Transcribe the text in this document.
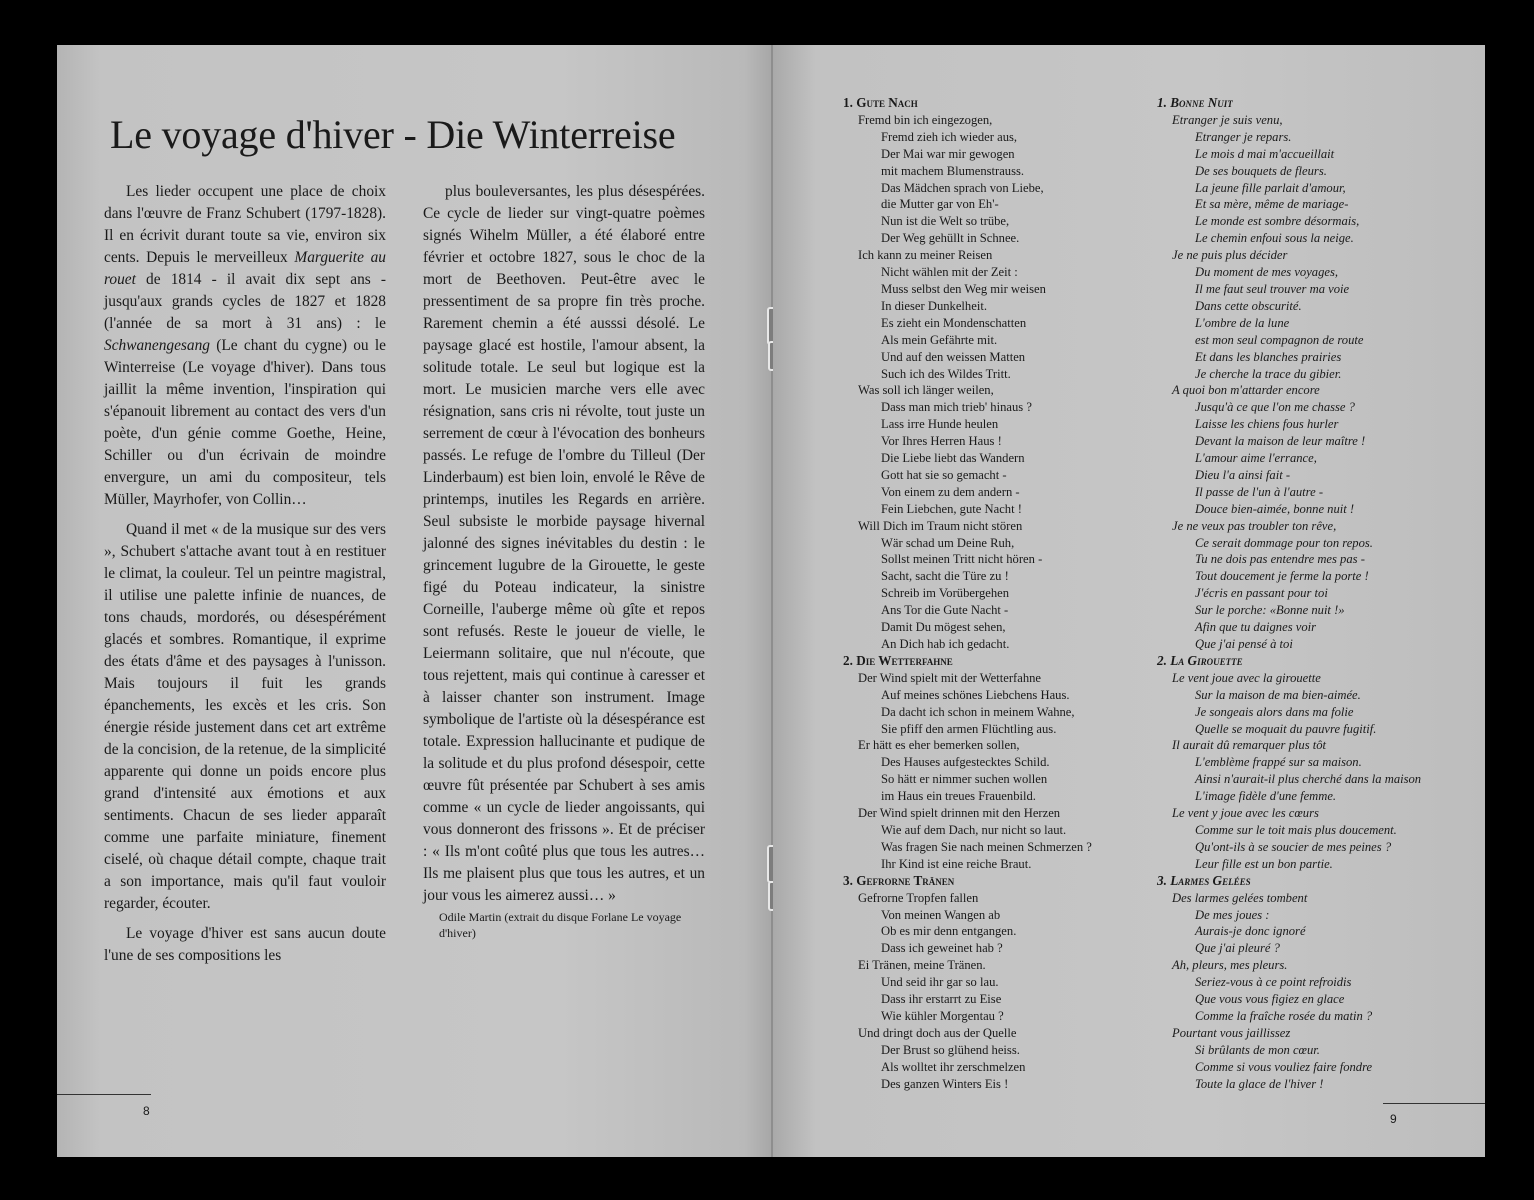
Le voyage d'hiver - Die Winterreise

Les lieder occupent une place de choix dans l'œuvre de Franz Schubert (1797-1828). Il en écrivit durant toute sa vie, environ six cents. Depuis le merveilleux Marguerite au rouet de 1814 - il avait dix sept ans - jusqu'aux grands cycles de 1827 et 1828 (l'année de sa mort à 31 ans) : le Schwanengesang (Le chant du cygne) ou le Winterreise (Le voyage d'hiver). Dans tous jaillit la même invention, l'inspiration qui s'épanouit librement au contact des vers d'un poète, d'un génie comme Goethe, Heine, Schiller ou d'un écrivain de moindre envergure, un ami du compositeur, tels Müller, Mayrhofer, von Collin…

Quand il met « de la musique sur des vers », Schubert s'attache avant tout à en restituer le climat, la couleur. Tel un peintre magistral, il utilise une palette infinie de nuances, de tons chauds, mordorés, ou désespérément glacés et sombres. Romantique, il exprime des états d'âme et des paysages à l'unisson. Mais toujours il fuit les grands épanchements, les excès et les cris. Son énergie réside justement dans cet art extrême de la concision, de la retenue, de la simplicité apparente qui donne un poids encore plus grand d'intensité aux émotions et aux sentiments. Chacun de ses lieder apparaît comme une parfaite miniature, finement ciselé, où chaque détail compte, chaque trait a son importance, mais qu'il faut vouloir regarder, écouter.

Le voyage d'hiver est sans aucun doute l'une de ses compositions les

plus bouleversantes, les plus désespérées. Ce cycle de lieder sur vingt-quatre poèmes signés Wihelm Müller, a été élaboré entre février et octobre 1827, sous le choc de la mort de Beethoven. Peut-être avec le pressentiment de sa propre fin très proche. Rarement chemin a été ausssi désolé. Le paysage glacé est hostile, l'amour absent, la solitude totale. Le seul but logique est la mort. Le musicien marche vers elle avec résignation, sans cris ni révolte, tout juste un serrement de cœur à l'évocation des bonheurs passés. Le refuge de l'ombre du Tilleul (Der Linderbaum) est bien loin, envolé le Rêve de printemps, inutiles les Regards en arrière. Seul subsiste le morbide paysage hivernal jalonné des signes inévitables du destin : le grincement lugubre de la Girouette, le geste figé du Poteau indicateur, la sinistre Corneille, l'auberge même où gîte et repos sont refusés. Reste le joueur de vielle, le Leiermann solitaire, que nul n'écoute, que tous rejettent, mais qui continue à caresser et à laisser chanter son instrument. Image symbolique de l'artiste où la désespérance est totale. Expression hallucinante et pudique de la solitude et du plus profond désespoir, cette œuvre fût présentée par Schubert à ses amis comme « un cycle de lieder angoissants, qui vous donneront des frissons ». Et de préciser : « Ils m'ont coûté plus que tous les autres… Ils me plaisent plus que tous les autres, et un jour vous les aimerez aussi… »

Odile Martin (extrait du disque Forlane Le voyage d'hiver)

8
1. Gute Nach
Fremd bin ich eingezogen,
Fremd zieh ich wieder aus,
Der Mai war mir gewogen
mit machem Blumenstrauss.
Das Mädchen sprach von Liebe,
die Mutter gar von Eh'-
Nun ist die Welt so trübe,
Der Weg gehüllt in Schnee.
Ich kann zu meiner Reisen
Nicht wählen mit der Zeit :
Muss selbst den Weg mir weisen
In dieser Dunkelheit.
Es zieht ein Mondenschatten
Als mein Gefährte mit.
Und auf den weissen Matten
Such ich des Wildes Tritt.
Was soll ich länger weilen,
Dass man mich trieb' hinaus ?
Lass irre Hunde heulen
Vor Ihres Herren Haus !
Die Liebe liebt das Wandern
Gott hat sie so gemacht -
Von einem zu dem andern -
Fein Liebchen, gute Nacht !
Will Dich im Traum nicht stören
Wär schad um Deine Ruh,
Sollst meinen Tritt nicht hören -
Sacht, sacht die Türe zu !
Schreib im Vorübergehen
Ans Tor die Gute Nacht -
Damit Du mögest sehen,
An Dich hab ich gedacht.
2. Die Wetterfahne
Der Wind spielt mit der Wetterfahne
Auf meines schönes Liebchens Haus.
Da dacht ich schon in meinem Wahne,
Sie pfiff den armen Flüchtling aus.
Er hätt es eher bemerken sollen,
Des Hauses aufgestecktes Schild.
So hätt er nimmer suchen wollen
im Haus ein treues Frauenbild.
Der Wind spielt drinnen mit den Herzen
Wie auf dem Dach, nur nicht so laut.
Was fragen Sie nach meinen Schmerzen ?
Ihr Kind ist eine reiche Braut.
3. Gefrorne Tränen
Gefrorne Tropfen fallen
Von meinen Wangen ab
Ob es mir denn entgangen.
Dass ich geweinet hab ?
Ei Tränen, meine Tränen.
Und seid ihr gar so lau.
Dass ihr erstarrt zu Eise
Wie kühler Morgentau ?
Und dringt doch aus der Quelle
Der Brust so glühend heiss.
Als wolltet ihr zerschmelzen
Des ganzen Winters Eis !
1. Bonne Nuit
Etranger je suis venu,
Etranger je repars.
Le mois d mai m'accueillait
De ses bouquets de fleurs.
La jeune fille parlait d'amour,
Et sa mère, même de mariage-
Le monde est sombre désormais,
Le chemin enfoui sous la neige.
Je ne puis plus décider
Du moment de mes voyages,
Il me faut seul trouver ma voie
Dans cette obscurité.
L'ombre de la lune
est mon seul compagnon de route
Et dans les blanches prairies
Je cherche la trace du gibier.
A quoi bon m'attarder encore
Jusqu'à ce que l'on me chasse ?
Laisse les chiens fous hurler
Devant la maison de leur maître !
L'amour aime l'errance,
Dieu l'a ainsi fait -
Il passe de l'un à l'autre -
Douce bien-aimée, bonne nuit !
Je ne veux pas troubler ton rêve,
Ce serait dommage pour ton repos.
Tu ne dois pas entendre mes pas -
Tout doucement je ferme la porte !
J'écris en passant pour toi
Sur le porche: «Bonne nuit !»
Afin que tu daignes voir
Que j'ai pensé à toi
2. La Girouette
Le vent joue avec la girouette
Sur la maison de ma bien-aimée.
Je songeais alors dans ma folie
Quelle se moquait du pauvre fugitif.
Il aurait dû remarquer plus tôt
L'emblème frappé sur sa maison.
Ainsi n'aurait-il plus cherché dans la maison
L'image fidèle d'une femme.
Le vent y joue avec les cœurs
Comme sur le toit mais plus doucement.
Qu'ont-ils à se soucier de mes peines ?
Leur fille est un bon partie.
3. Larmes Gelées
Des larmes gelées tombent
De mes joues :
Aurais-je donc ignoré
Que j'ai pleuré ?
Ah, pleurs, mes pleurs.
Seriez-vous à ce point refroidis
Que vous vous figiez en glace
Comme la fraîche rosée du matin ?
Pourtant vous jaillissez
Si brûlants de mon cœur.
Comme si vous vouliez faire fondre
Toute la glace de l'hiver !
9
